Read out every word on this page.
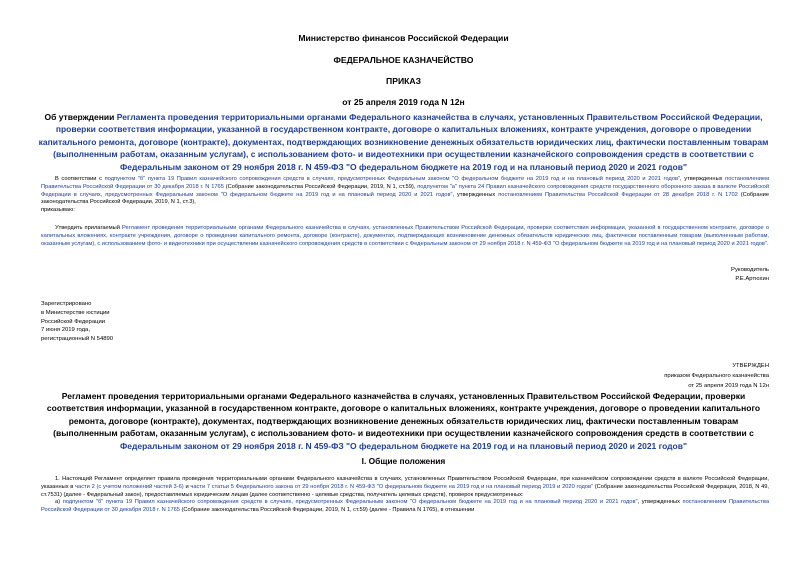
Министерство финансов Российской Федерации
ФЕДЕРАЛЬНОЕ КАЗНАЧЕЙСТВО
ПРИКАЗ
от 25 апреля 2019 года N 12н
Об утверждении Регламента проведения территориальными органами Федерального казначейства в случаях, установленных Правительством Российской Федерации, проверки соответствия информации, указанной в государственном контракте, договоре о капитальных вложениях, контракте учреждения, договоре о проведении капитального ремонта, договоре (контракте), документах, подтверждающих возникновение денежных обязательств юридических лиц, фактически поставленным товарам (выполненным работам, оказанным услугам), с использованием фото- и видеотехники при осуществлении казначейского сопровождения средств в соответствии с Федеральным законом от 29 ноября 2018 г. N 459-ФЗ "О федеральном бюджете на 2019 год и на плановый период 2020 и 2021 годов"

В соответствии с подпунктом "б" пункта 19 Правил казначейского сопровождения средств в случаях, предусмотренных Федеральным законом "О федеральном бюджете на 2019 год и на плановый период 2020 и 2021 годов", утвержденных постановлением Правительства Российской Федерации от 30 декабря 2018 г. N 1765 (Собрание законодательства Российской Федерации, 2019, N 1, ст.59), подпунктом "а" пункта 24 Правил казначейского сопровождения средств государственного оборонного заказа в валюте Российской Федерации в случаях, предусмотренных Федеральным законом "О федеральном бюджете на 2019 год и на плановый период 2020 и 2021 годов", утвержденных постановлением Правительства Российской Федерации от 28 декабря 2018 г. N 1702 (Собрание законодательства Российской Федерации, 2019, N 1, ст.3),

приказываю:

Утвердить прилагаемый Регламент проведения территориальными органами Федерального казначейства в случаях, установленных Правительством Российской Федерации, проверки соответствия информации, указанной в государственном контракте, договоре о капитальных вложениях, контракте учреждения, договоре о проведении капитального ремонта, договоре (контракте), документах, подтверждающих возникновение денежных обязательств юридических лиц, фактически поставленным товарам (выполненным работам, оказанным услугам), с использованием фото- и видеотехники при осуществлении казначейского сопровождения средств в соответствии с Федеральным законом от 29 ноября 2018 г. N 459-ФЗ "О федеральном бюджете на 2019 год и на плановый период 2020 и 2021 годов".

Руководитель
Р.Е.Артюхин
Зарегистрировано
в Министерстве юстиции
Российской Федерации
7 июня 2019 года,
регистрационный N 54890
УТВЕРЖДЕН
приказом Федерального казначейства
от 25 апреля 2019 года N 12н
Регламент проведения территориальными органами Федерального казначейства в случаях, установленных Правительством Российской Федерации, проверки соответствия информации, указанной в государственном контракте, договоре о капитальных вложениях, контракте учреждения, договоре о проведении капитального ремонта, договоре (контракте), документах, подтверждающих возникновение денежных обязательств юридических лиц, фактически поставленным товарам (выполненным работам, оказанным услугам), с использованием фото- и видеотехники при осуществлении казначейского сопровождения средств в соответствии с Федеральным законом от 29 ноября 2018 г. N 459-ФЗ "О федеральном бюджете на 2019 год и на плановый период 2020 и 2021 годов"
I. Общие положения

1. Настоящий Регламент определяет правила проведения территориальными органами Федерального казначейства в случаях, установленных Правительством Российской Федерации, при казначейском сопровождении средств в валюте Российской Федерации, указанных в части 2 (с учетом положений частей 3-6) и части 7 статьи 5 Федерального закона от 29 ноября 2018 г. N 459-ФЗ "О федеральном бюджете на 2019 год и на плановый период 2019 и 2020 годов" (Собрание законодательства Российской Федерации, 2018, N 49, ст.7531) (далее - Федеральный закон), предоставляемых юридическим лицам (далее соответственно - целевые средства, получатель целевых средств), проверок предусмотренных:

а) подпунктом "б" пункта 19 Правил казначейского сопровождения средств в случаях, предусмотренных Федеральным законом "О федеральном бюджете на 2019 год и на плановый период 2020 и 2021 годов", утвержденных постановлением Правительства Российской Федерации от 30 декабря 2018 г. N 1765 (Собрание законодательства Российской Федерации, 2019, N 1, ст.59) (далее - Правила N 1765), в отношении
